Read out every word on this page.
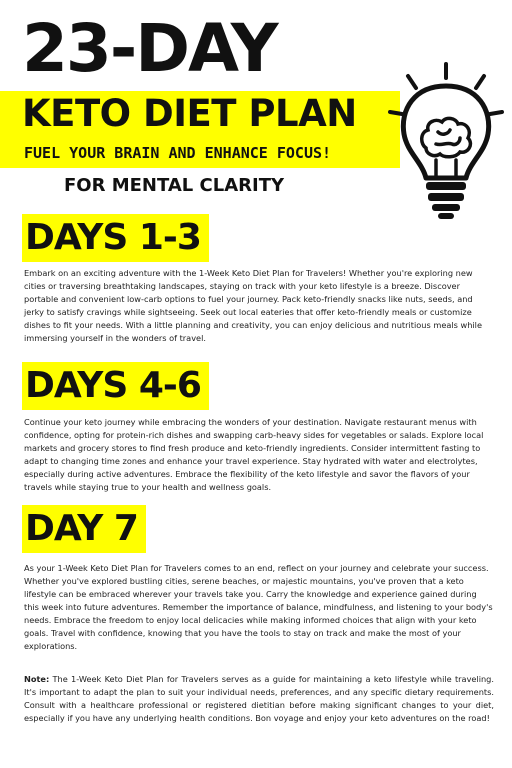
23-DAY
KETO DIET PLAN
FUEL YOUR BRAIN AND ENHANCE FOCUS!
FOR MENTAL CLARITY
DAYS 1-3

Embark on an exciting adventure with the 1-Week Keto Diet Plan for Travelers! Whether you're exploring new cities or traversing breathtaking landscapes, staying on track with your keto lifestyle is a breeze. Discover portable and convenient low-carb options to fuel your journey. Pack keto-friendly snacks like nuts, seeds, and jerky to satisfy cravings while sightseeing. Seek out local eateries that offer keto-friendly meals or customize dishes to fit your needs. With a little planning and creativity, you can enjoy delicious and nutritious meals while immersing yourself in the wonders of travel.

DAYS 4-6

Continue your keto journey while embracing the wonders of your destination. Navigate restaurant menus with confidence, opting for protein-rich dishes and swapping carb-heavy sides for vegetables or salads. Explore local markets and grocery stores to find fresh produce and keto-friendly ingredients. Consider intermittent fasting to adapt to changing time zones and enhance your travel experience. Stay hydrated with water and electrolytes, especially during active adventures. Embrace the flexibility of the keto lifestyle and savor the flavors of your travels while staying true to your health and wellness goals.

DAY 7

As your 1-Week Keto Diet Plan for Travelers comes to an end, reflect on your journey and celebrate your success. Whether you've explored bustling cities, serene beaches, or majestic mountains, you've proven that a keto lifestyle can be embraced wherever your travels take you. Carry the knowledge and experience gained during this week into future adventures. Remember the importance of balance, mindfulness, and listening to your body's needs. Embrace the freedom to enjoy local delicacies while making informed choices that align with your keto goals. Travel with confidence, knowing that you have the tools to stay on track and make the most of your explorations.

Note: The 1-Week Keto Diet Plan for Travelers serves as a guide for maintaining a keto lifestyle while traveling. It's important to adapt the plan to suit your individual needs, preferences, and any specific dietary requirements. Consult with a healthcare professional or registered dietitian before making significant changes to your diet, especially if you have any underlying health conditions. Bon voyage and enjoy your keto adventures on the road!
